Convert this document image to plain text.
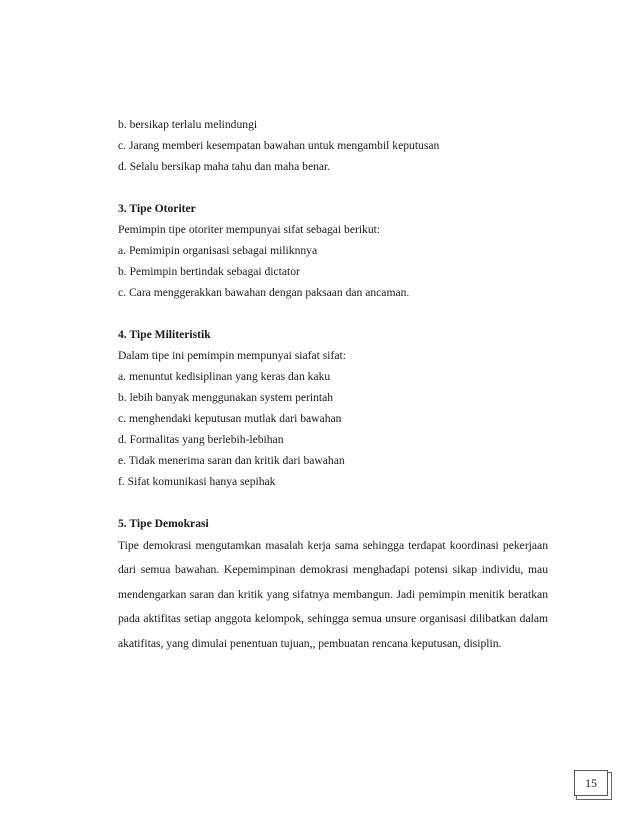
b. bersikap terlalu melindungi

c. Jarang memberi kesempatan bawahan untuk mengambil keputusan

d. Selalu bersikap maha tahu dan maha benar.

3. Tipe Otoriter

Pemimpin tipe otoriter mempunyai sifat sebagai berikut:

a. Pemimipin organisasi sebagai miliknnya

b. Pemimpin bertindak sebagai dictator

c. Cara menggerakkan bawahan dengan paksaan dan ancaman.

4. Tipe Militeristik

Dalam tipe ini pemimpin mempunyai siafat sifat:

a. menuntut kedisiplinan yang keras dan kaku

b. lebih banyak menggunakan system perintah

c. menghendaki keputusan mutlak dari bawahan

d. Formalitas yang berlebih-lebihan

e. Tidak menerima saran dan kritik dari bawahan

f. Sifat komunikasi hanya sepihak

5. Tipe Demokrasi

Tipe demokrasi mengutamkan masalah kerja sama sehingga terdapat koordinasi pekerjaan dari semua bawahan. Kepemimpinan demokrasi menghadapi potensi sikap individu, mau mendengarkan saran dan kritik yang sifatnya membangun. Jadi pemimpin menitik beratkan pada aktifitas setiap anggota kelompok, sehingga semua unsure organisasi dilibatkan dalam akatifitas, yang dimulai penentuan tujuan,, pembuatan rencana keputusan, disiplin.

15
